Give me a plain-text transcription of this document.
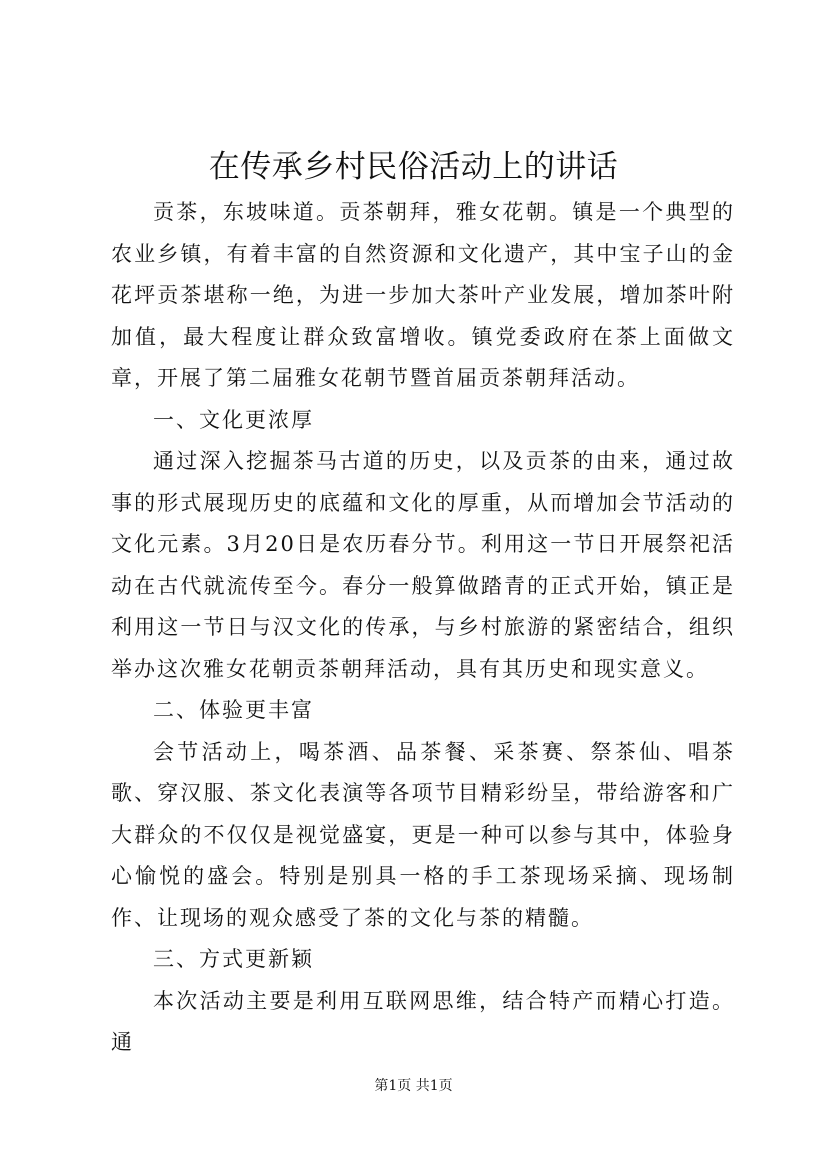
在传承乡村民俗活动上的讲话

贡茶，东坡味道。贡茶朝拜，雅女花朝。镇是一个典型的农业乡镇，有着丰富的自然资源和文化遗产，其中宝子山的金花坪贡茶堪称一绝，为进一步加大茶叶产业发展，增加茶叶附加值，最大程度让群众致富增收。镇党委政府在茶上面做文章，开展了第二届雅女花朝节暨首届贡茶朝拜活动。

一、文化更浓厚

通过深入挖掘茶马古道的历史，以及贡茶的由来，通过故事的形式展现历史的底蕴和文化的厚重，从而增加会节活动的文化元素。3月20日是农历春分节。利用这一节日开展祭祀活动在古代就流传至今。春分一般算做踏青的正式开始，镇正是利用这一节日与汉文化的传承，与乡村旅游的紧密结合，组织举办这次雅女花朝贡茶朝拜活动，具有其历史和现实意义。

二、体验更丰富

会节活动上，喝茶酒、品茶餐、采茶赛、祭茶仙、唱茶歌、穿汉服、茶文化表演等各项节目精彩纷呈，带给游客和广大群众的不仅仅是视觉盛宴，更是一种可以参与其中，体验身心愉悦的盛会。特别是别具一格的手工茶现场采摘、现场制作、让现场的观众感受了茶的文化与茶的精髓。

三、方式更新颖

本次活动主要是利用互联网思维，结合特产而精心打造。通

第1页 共1页
